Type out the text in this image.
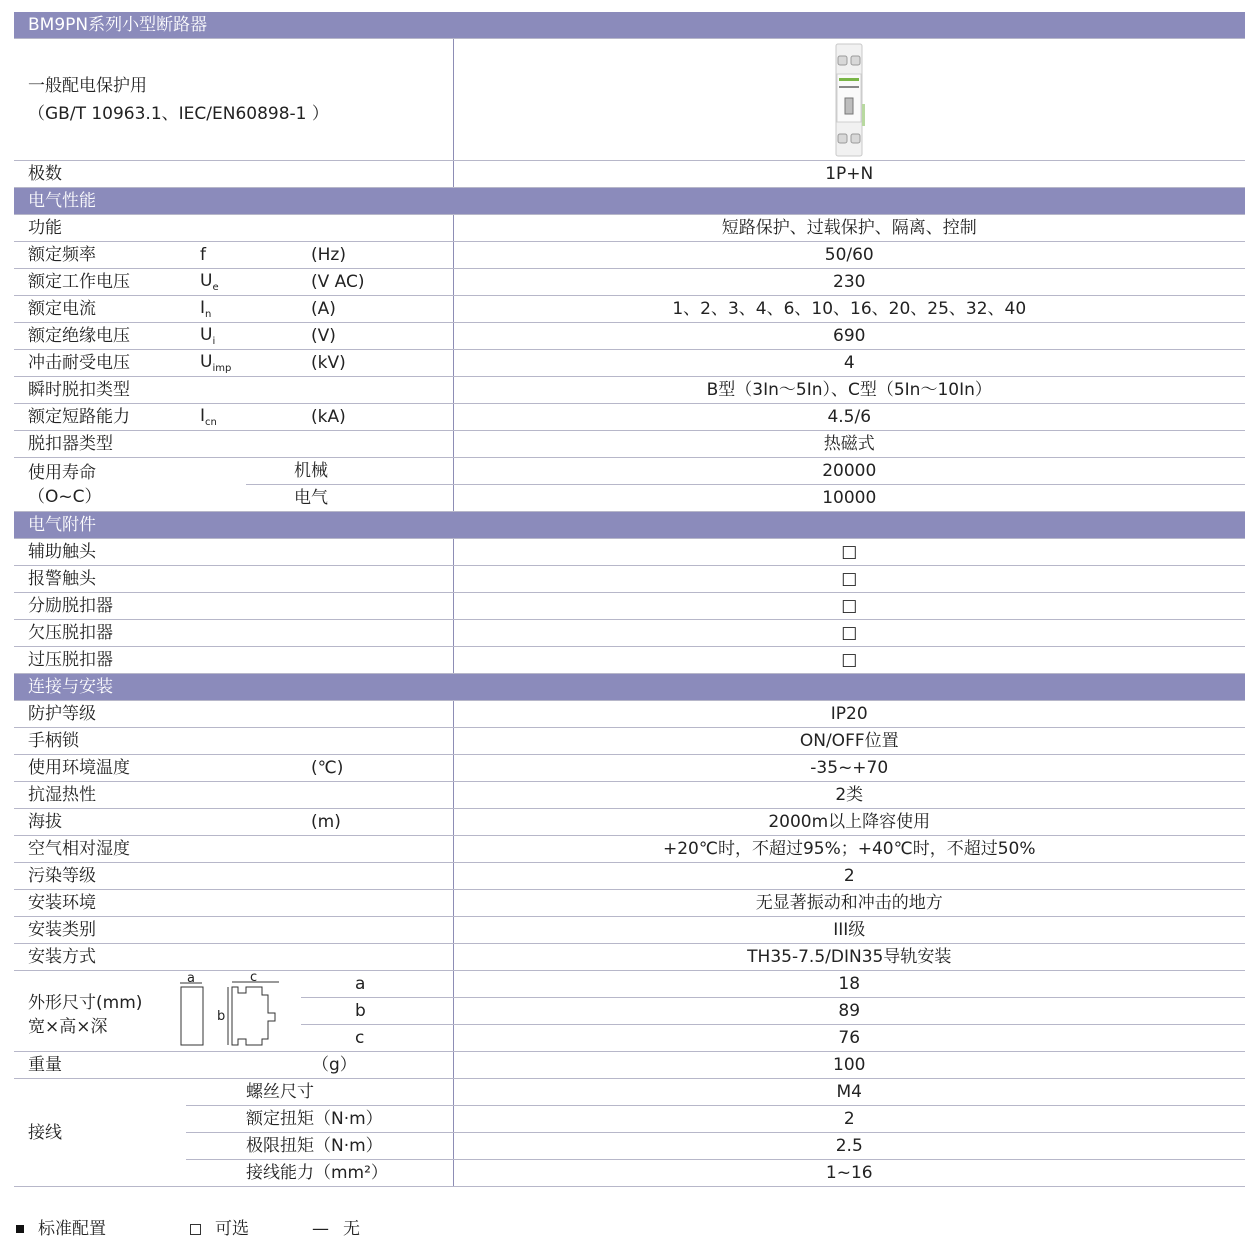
BM9PN系列小型断路器				

一般配电保护用
（GB/T 10963.1、IEC/EN60898-1 ）

极数				1P+N
电气性能				
功能				短路保护、过载保护、隔离、控制
额定频率	f		(Hz)	50/60
额定工作电压	$U_e$		(V AC)	230
额定电流	$I_n$		(A)	1、2、3、4、6、10、16、20、25、32、40
额定绝缘电压	$U_i$		(V)	690
冲击耐受电压	$U_{imp}$		(kV)	4
瞬时脱扣类型				B型（3In～5In）、C型（5In～10In）
额定短路能力	$I_{cn}$		(kA)	4.5/6
脱扣器类型				热磁式

使用寿命
（O~C）		机械		20000
		电气		10000
电气附件				
辅助触头				□
报警触头				□
分励脱扣器				□
欠压脱扣器				□
过压脱扣器				□
连接与安装				
防护等级				IP20
手柄锁				ON/OFF位置
使用环境温度			(℃)	-35~+70
抗湿热性				2类
海拔			(m)	2000m以上降容使用
空气相对湿度				+20℃时，不超过95%；+40℃时，不超过50%
污染等级				2
安装环境				无显著振动和冲击的地方
安装类别				III级
安装方式				TH35-7.5/DIN35导轨安装

外形尺寸(mm)
宽×高×深
a c
b			a	18
			b	89
			c	76
重量		（g）		100
接线	螺丝尺寸			M4
	额定扭矩（N·m）			2
	极限扭矩（N·m）			2.5
	接线能力（mm²）			1~16
标准配置	可选	— 无
